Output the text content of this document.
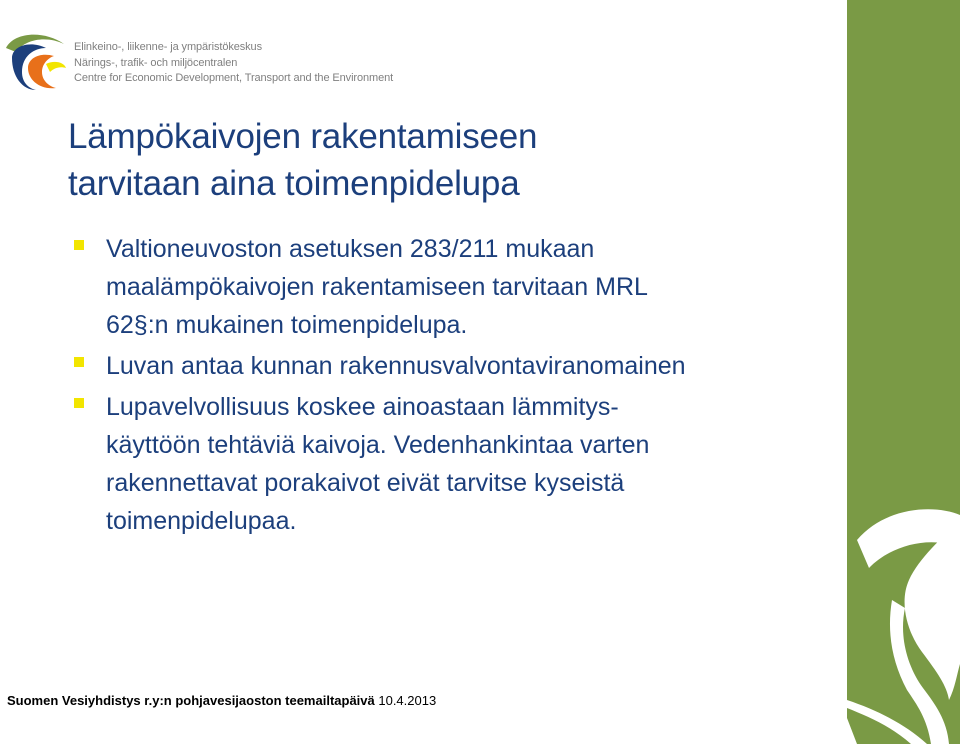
Elinkeino-, liikenne- ja ympäristökeskus
Närings-, trafik- och miljöcentralen
Centre for Economic Development, Transport and the Environment
Lämpökaivojen rakentamiseen
tarvitaan aina toimenpidelupa
Valtioneuvoston asetuksen 283/211 mukaan
maalämpökaivojen rakentamiseen tarvitaan MRL
62§:n mukainen toimenpidelupa.
Luvan antaa kunnan rakennusvalvontaviranomainen
Lupavelvollisuus koskee ainoastaan lämmitys-
käyttöön tehtäviä kaivoja. Vedenhankintaa varten
rakennettavat porakaivot eivät tarvitse kyseistä
toimenpidelupaa.
Suomen Vesiyhdistys r.y:n pohjavesijaoston teemailtapäivä 10.4.2013
